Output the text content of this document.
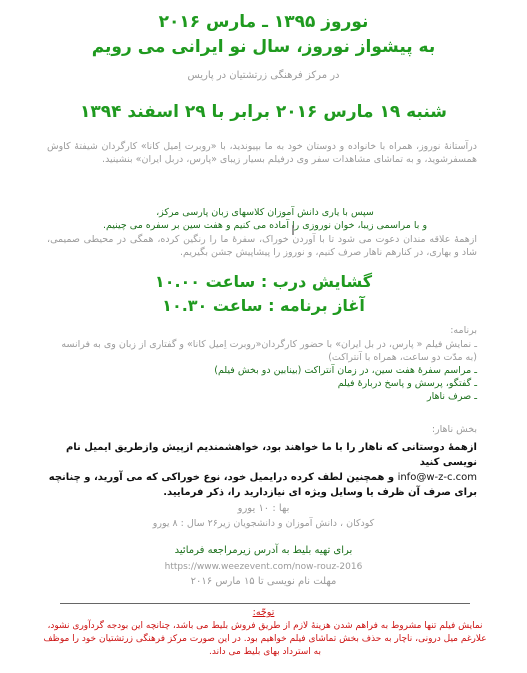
نوروز ۱۳۹۵ ـ مارس ۲۰۱۶
به پیشواز نوروز، سال نو ایرانی می رویم
در مرکز فرهنگی زرتشتیان در پاریس
شنبه ۱۹ مارس ۲۰۱۶ برابر با ۲۹ اسفند ۱۳۹۴
درآستانهٔ نوروز، همراه با خانواده و دوستان خود به ما بپیوندید، با «روبرت اِمیل کانا» کارگردان شیفتهٔ کاوش همسفرشوید، و به تماشای مشاهدات سفر وی درفیلم بسیار زیبای «پارس، دربل ایران» بنشینید.
سپس با یاری دانش آموزان کلاسهای زبان پارسی مرکز،
و با مراسمی زیبا، خوان نوروزی را آماده می کنیم و هفت سین بر سفره می چینیم.
ازهمهٔ علاقه مندان دعوت می شود تا با آوردن خوراک، سفرهٔ ما را رنگین کرده، همگی در محیطی صمیمی، شاد و بهاری، در کنارهم ناهار صرف کنیم، و نوروز را پیشاپیش جشن بگیریم.
گشایش درب : ساعت ۱۰.۰۰
آغاز برنامه : ساعت ۱۰.۳۰
برنامه:
ـ نمایش فیلم « پارس، در بل ایران» با حضور کارگردان«روبرت اِمیل کانا» و گفتاری از زبان وی به فرانسه (به مدّت دو ساعت، همراه با آنتراکت)
ـ مراسم سفرهٔ هفت سین، در زمان آنتراکت (بینابین دو بخش فیلم)
ـ گفتگو، پرسش و پاسخ دربارهٔ فیلم
ـ صرف ناهار
بخش ناهار:
ازهمهٔ دوستانی که ناهار را با ما خواهند بود، خواهشمندیم ازپیش وازطریق ایمیل نام نویسی کنید
info@w-z-c.com و همچنین لطف کرده درایمیل خود، نوع خوراکی که می آورید، و چنانچه
برای صرف آن ظرف یا وسایل ویژه ای نیازدارید را، ذکر فرمایید.
بها : ۱۰ یورو
کودکان ، دانش آموزان و دانشجویان زیر۲۶ سال : ۸ یورو
برای تهیه بلیط به آدرس زیرمراجعه فرمائید
https://www.weezevent.com/now-rouz-2016
مهلت نام نویسی تا ۱۵ مارس ۲۰۱۶
توجّه:
نمایش فیلم تنها مشروط به فراهم شدن هزینهٔ لازم از طریق فروش بلیط می باشد، چنانچه این بودجه گردآوری نشود، علارغم میل درونی، ناچار به حذف بخش تماشای فیلم خواهیم بود. در این صورت مرکز فرهنگی زرتشتیان خود را موظف به استرداد بهای بلیط می داند.
